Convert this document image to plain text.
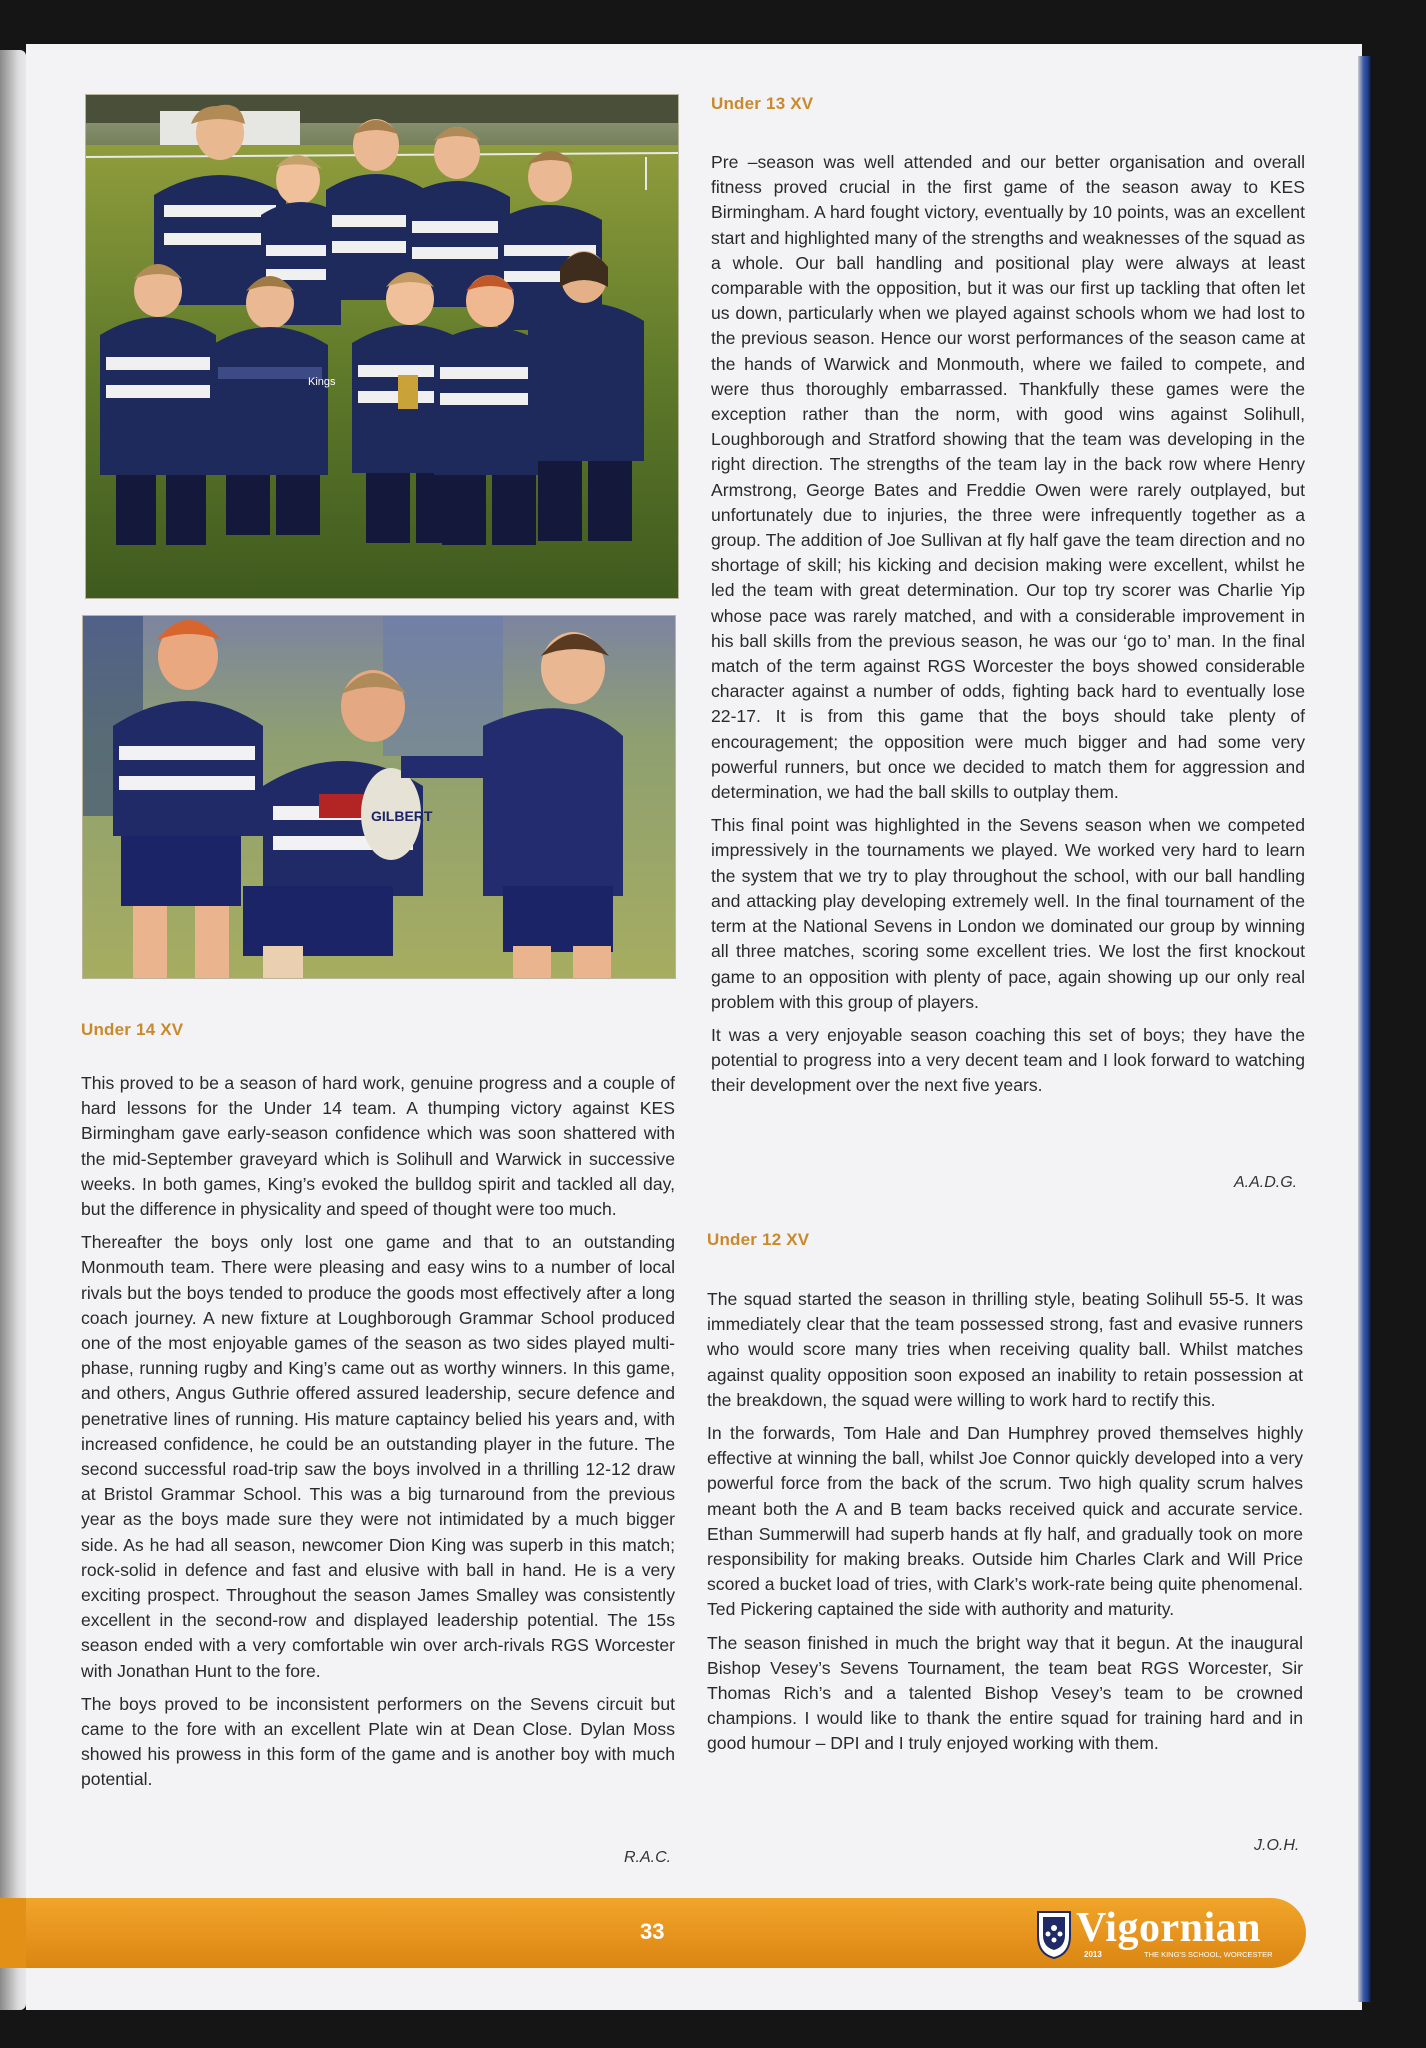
Kings
GILBERT
Under 13 XV

Pre –season was well attended and our better organisation and overall fitness proved crucial in the first game of the season away to KES Birmingham. A hard fought victory, eventually by 10 points, was an excellent start and highlighted many of the strengths and weaknesses of the squad as a whole. Our ball handling and positional play were always at least comparable with the opposition, but it was our first up tackling that often let us down, particularly when we played against schools whom we had lost to the previous season. Hence our worst performances of the season came at the hands of Warwick and Monmouth, where we failed to compete, and were thus thoroughly embarrassed. Thankfully these games were the exception rather than the norm, with good wins against Solihull, Loughborough and Stratford showing that the team was developing in the right direction. The strengths of the team lay in the back row where Henry Armstrong, George Bates and Freddie Owen were rarely outplayed, but unfortunately due to injuries, the three were infrequently together as a group. The addition of Joe Sullivan at fly half gave the team direction and no shortage of skill; his kicking and decision making were excellent, whilst he led the team with great determination. Our top try scorer was Charlie Yip whose pace was rarely matched, and with a considerable improvement in his ball skills from the previous season, he was our ‘go to’ man. In the final match of the term against RGS Worcester the boys showed considerable character against a number of odds, fighting back hard to eventually lose 22-17. It is from this game that the boys should take plenty of encouragement; the opposition were much bigger and had some very powerful runners, but once we decided to match them for aggression and determination, we had the ball skills to outplay them.

This final point was highlighted in the Sevens season when we competed impressively in the tournaments we played. We worked very hard to learn the system that we try to play throughout the school, with our ball handling and attacking play developing extremely well. In the final tournament of the term at the National Sevens in London we dominated our group by winning all three matches, scoring some excellent tries. We lost the first knockout game to an opposition with plenty of pace, again showing up our only real problem with this group of players.

It was a very enjoyable season coaching this set of boys; they have the potential to progress into a very decent team and I look forward to watching their development over the next five years.

A.A.D.G.
Under 12 XV

The squad started the season in thrilling style, beating Solihull 55-5. It was immediately clear that the team possessed strong, fast and evasive runners who would score many tries when receiving quality ball. Whilst matches against quality opposition soon exposed an inability to retain possession at the breakdown, the squad were willing to work hard to rectify this.

In the forwards, Tom Hale and Dan Humphrey proved themselves highly effective at winning the ball, whilst Joe Connor quickly developed into a very powerful force from the back of the scrum. Two high quality scrum halves meant both the A and B team backs received quick and accurate service. Ethan Summerwill had superb hands at fly half, and gradually took on more responsibility for making breaks. Outside him Charles Clark and Will Price scored a bucket load of tries, with Clark’s work-rate being quite phenomenal. Ted Pickering captained the side with authority and maturity.

The season finished in much the bright way that it begun. At the inaugural Bishop Vesey’s Sevens Tournament, the team beat RGS Worcester, Sir Thomas Rich’s and a talented Bishop Vesey’s team to be crowned champions. I would like to thank the entire squad for training hard and in good humour – DPI and I truly enjoyed working with them.

J.O.H.
Under 14 XV

This proved to be a season of hard work, genuine progress and a couple of hard lessons for the Under 14 team. A thumping victory against KES Birmingham gave early-season confidence which was soon shattered with the mid-September graveyard which is Solihull and Warwick in successive weeks. In both games, King’s evoked the bulldog spirit and tackled all day, but the difference in physicality and speed of thought were too much.

Thereafter the boys only lost one game and that to an outstanding Monmouth team. There were pleasing and easy wins to a number of local rivals but the boys tended to produce the goods most effectively after a long coach journey. A new fixture at Loughborough Grammar School produced one of the most enjoyable games of the season as two sides played multi-phase, running rugby and King’s came out as worthy winners. In this game, and others, Angus Guthrie offered assured leadership, secure defence and penetrative lines of running. His mature captaincy belied his years and, with increased confidence, he could be an outstanding player in the future. The second successful road-trip saw the boys involved in a thrilling 12-12 draw at Bristol Grammar School. This was a big turnaround from the previous year as the boys made sure they were not intimidated by a much bigger side. As he had all season, newcomer Dion King was superb in this match; rock-solid in defence and fast and elusive with ball in hand. He is a very exciting prospect. Throughout the season James Smalley was consistently excellent in the second-row and displayed leadership potential. The 15s season ended with a very comfortable win over arch-rivals RGS Worcester with Jonathan Hunt to the fore.

The boys proved to be inconsistent performers on the Sevens circuit but came to the fore with an excellent Plate win at Dean Close. Dylan Moss showed his prowess in this form of the game and is another boy with much potential.

R.A.C.
33	Vigornian
2013	THE KING'S SCHOOL, WORCESTER
